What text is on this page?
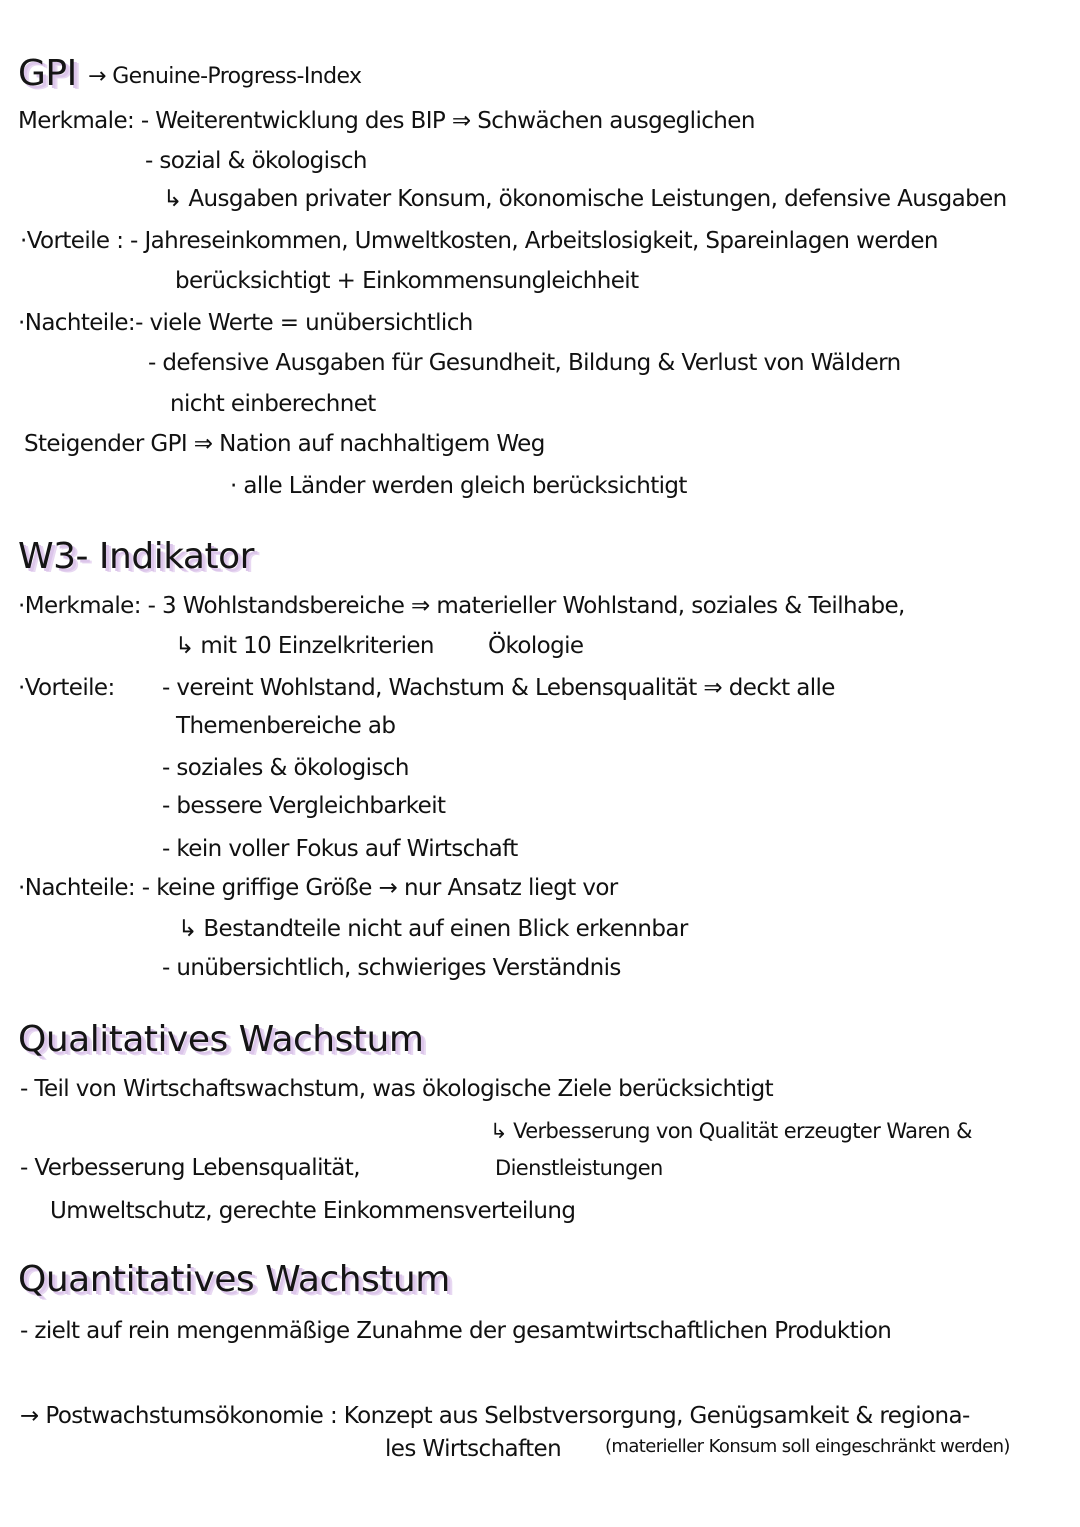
GPI → Genuine-Progress-Index
Merkmale: - Weiterentwicklung des BIP ⇒ Schwächen ausgeglichen
- sozial & ökologisch
↳ Ausgaben privater Konsum, ökonomische Leistungen, defensive Ausgaben
·Vorteile : - Jahreseinkommen, Umweltkosten, Arbeitslosigkeit, Spareinlagen werden
berücksichtigt + Einkommensungleichheit
·Nachteile:- viele Werte = unübersichtlich
- defensive Ausgaben für Gesundheit, Bildung & Verlust von Wäldern
nicht einberechnet
Steigender GPI ⇒ Nation auf nachhaltigem Weg
· alle Länder werden gleich berücksichtigt
W3- Indikator
·Merkmale: - 3 Wohlstandsbereiche ⇒ materieller Wohlstand, soziales & Teilhabe,
↳ mit 10 Einzelkriterien Ökologie
·Vorteile: - vereint Wohlstand, Wachstum & Lebensqualität ⇒ deckt alle
Themenbereiche ab
- soziales & ökologisch
- bessere Vergleichbarkeit
- kein voller Fokus auf Wirtschaft
·Nachteile: - keine griffige Größe → nur Ansatz liegt vor
↳ Bestandteile nicht auf einen Blick erkennbar
- unübersichtlich, schwieriges Verständnis
Qualitatives Wachstum
- Teil von Wirtschaftswachstum, was ökologische Ziele berücksichtigt
↳ Verbesserung von Qualität erzeugter Waren &
- Verbesserung Lebensqualität,	Dienstleistungen
Umweltschutz, gerechte Einkommensverteilung
Quantitatives Wachstum
- zielt auf rein mengenmäßige Zunahme der gesamtwirtschaftlichen Produktion
→ Postwachstumsökonomie : Konzept aus Selbstversorgung, Genügsamkeit & regiona-
les Wirtschaften (materieller Konsum soll eingeschränkt werden)
